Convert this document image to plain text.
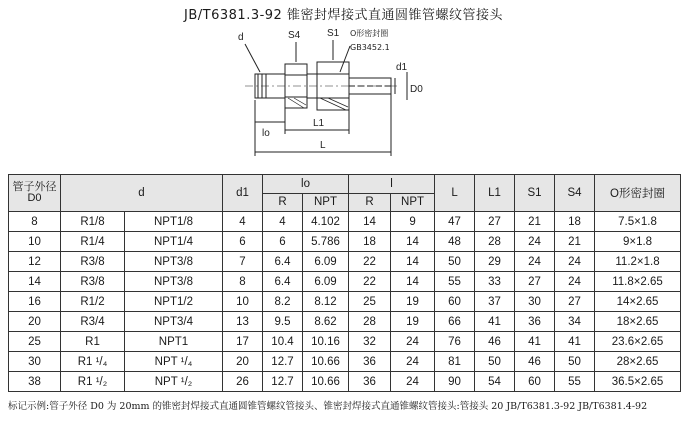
JB/T6381.3-92 锥密封焊接式直通圆锥管螺纹管接头
d	S4	S1 O形密封圈
GB3452.1
d1
D0
lo
L1
L
管子外径D0	d		d1	lo		l		L	L1	S1	S4	O形密封圈
				R	NPT	R	NPT					
8	R1/8	NPT1/8	4	4	4.102	14	9	47	27	21	18	7.5×1.8
10	R1/4	NPT1/4	6	6	5.786	18	14	48	28	24	21	9×1.8
12	R3/8	NPT3/8	7	6.4	6.09	22	14	50	29	24	24	11.2×1.8
14	R3/8	NPT3/8	8	6.4	6.09	22	14	55	33	27	24	11.8×2.65
16	R1/2	NPT1/2	10	8.2	8.12	25	19	60	37	30	27	14×2.65
20	R3/4	NPT3/4	13	9.5	8.62	28	19	66	41	36	34	18×2.65
25	R1	NPT1	17	10.4	10.16	32	24	76	46	41	41	23.6×2.65
30	R1 ¹/₄	NPT ¹/₄	20	12.7	10.66	36	24	81	50	46	50	28×2.65
38	R1 ¹/₂	NPT ¹/₂	26	12.7	10.66	36	24	90	54	60	55	36.5×2.65
标记示例:管子外径 D0 为 20mm 的锥密封焊接式直通圆锥管螺纹管接头、锥密封焊接式直通锥螺纹管接头:管接头 20 JB/T6381.3-92 JB/T6381.4-92
